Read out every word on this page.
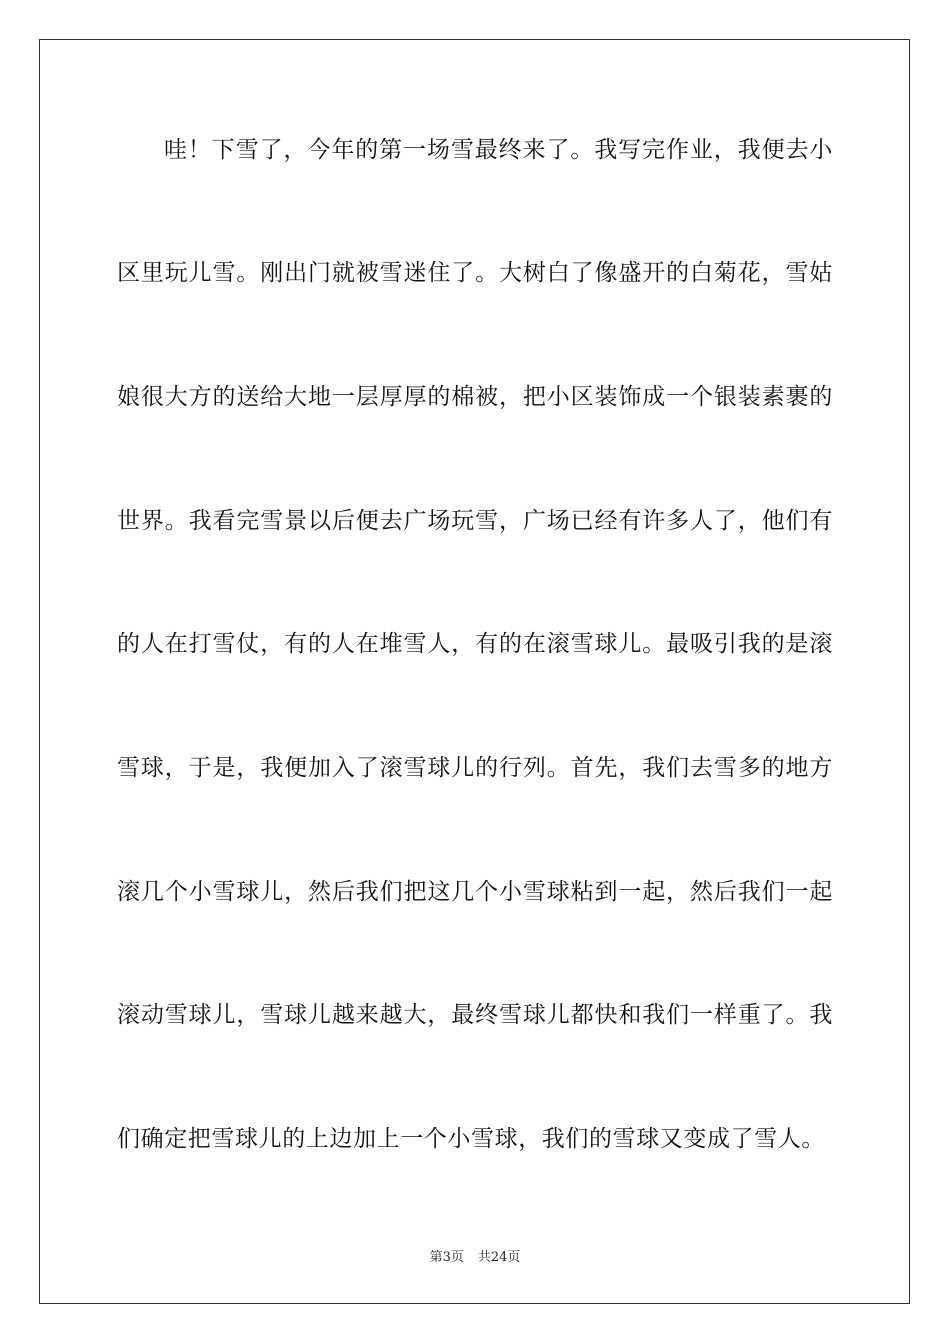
哇！下雪了，今年的第一场雪最终来了。我写完作业，我便去小
区里玩儿雪。刚出门就被雪迷住了。大树白了像盛开的白菊花，雪姑
娘很大方的送给大地一层厚厚的棉被，把小区装饰成一个银装素裹的
世界。我看完雪景以后便去广场玩雪，广场已经有许多人了，他们有
的人在打雪仗，有的人在堆雪人，有的在滚雪球儿。最吸引我的是滚
雪球，于是，我便加入了滚雪球儿的行列。首先，我们去雪多的地方
滚几个小雪球儿，然后我们把这几个小雪球粘到一起，然后我们一起
滚动雪球儿，雪球儿越来越大，最终雪球儿都快和我们一样重了。我
们确定把雪球儿的上边加上一个小雪球，我们的雪球又变成了雪人。
第3页 共24页
